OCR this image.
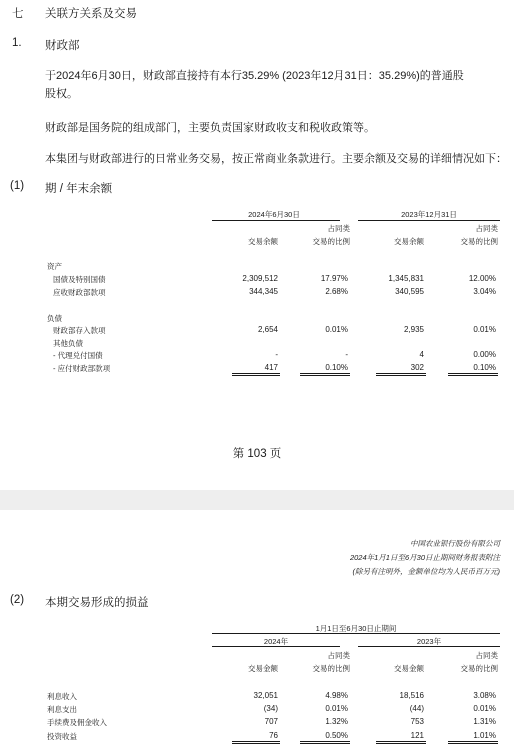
七 关联方关系及交易
1. 财政部
于2024年6月30日，财政部直接持有本行35.29% (2023年12月31日：35.29%)的普通股
股权。
财政部是国务院的组成部门，主要负责国家财政收支和税收政策等。
本集团与财政部进行的日常业务交易，按正常商业条款进行。主要余额及交易的详细情况如下：
(1) 期 / 年末余额
2024年6月30日	2023年12月31日
占同类	占同类
交易余额	交易的比例	交易余额	交易的比例
资产
国债及特别国债	2,309,512	17.97%	1,345,831	12.00%
应收财政部款项	344,345	2.68%	340,595	3.04%
负债
财政部存入款项	2,654	0.01%	2,935	0.01%
其他负债
- 代理兑付国债	-	-	4	0.00%
- 应付财政部款项	417	0.10%	302	0.10%
第 103 页
中国农业银行股份有限公司
2024年1月1日至6月30日止期间财务报表附注
(除另有注明外，金额单位均为人民币百万元)
(2) 本期交易形成的损益
1月1日至6月30日止期间
2024年	2023年
占同类	占同类
交易金额	交易的比例	交易金额	交易的比例
利息收入	32,051	4.98%	18,516	3.08%
利息支出	(34)	0.01%	(44)	0.01%
手续费及佣金收入	707	1.32%	753	1.31%
投资收益	76	0.50%	121	1.01%
